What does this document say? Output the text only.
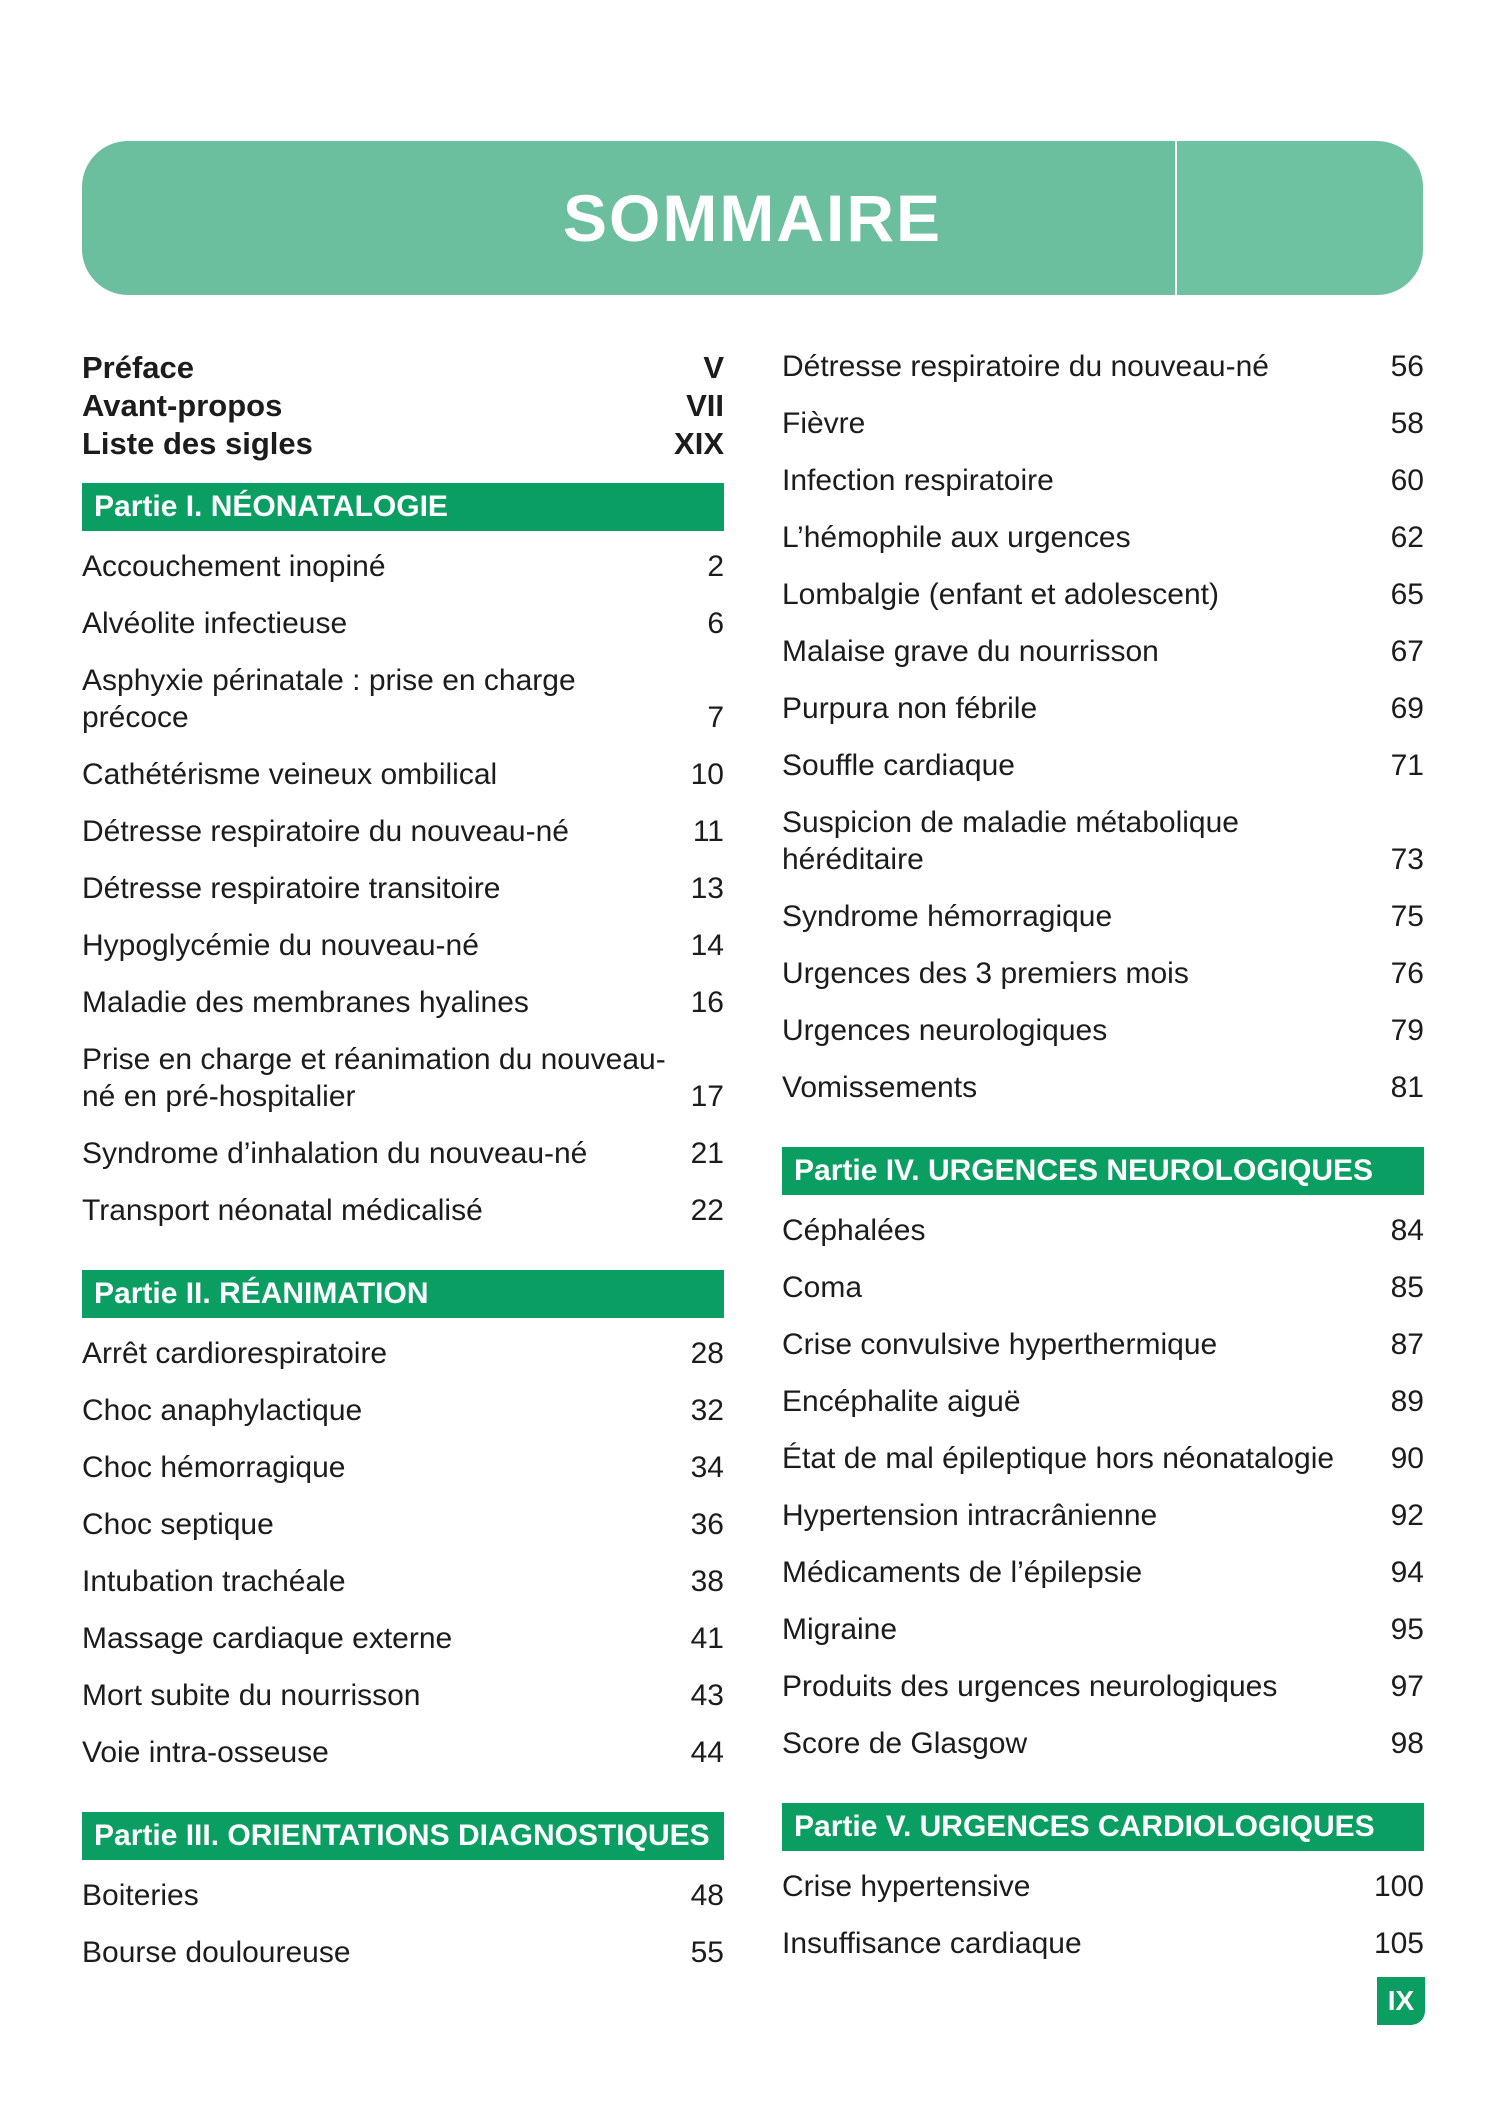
SOMMAIRE
Préface	V
Avant-propos	VII
Liste des sigles	XIX
Partie I. NÉONATALOGIE
Accouchement inopiné	2
Alvéolite infectieuse	6
Asphyxie périnatale : prise en charge précoce	7
Cathétérisme veineux ombilical	10
Détresse respiratoire du nouveau-né	11
Détresse respiratoire transitoire	13
Hypoglycémie du nouveau-né	14
Maladie des membranes hyalines	16
Prise en charge et réanimation du nouveau-né en pré-hospitalier	17
Syndrome d’inhalation du nouveau-né	21
Transport néonatal médicalisé	22
Partie II. RÉANIMATION
Arrêt cardiorespiratoire	28
Choc anaphylactique	32
Choc hémorragique	34
Choc septique	36
Intubation trachéale	38
Massage cardiaque externe	41
Mort subite du nourrisson	43
Voie intra-osseuse	44
Partie III. ORIENTATIONS DIAGNOSTIQUES
Boiteries	48
Bourse douloureuse	55
Détresse respiratoire du nouveau-né	56
Fièvre	58
Infection respiratoire	60
L’hémophile aux urgences	62
Lombalgie (enfant et adolescent)	65
Malaise grave du nourrisson	67
Purpura non fébrile	69
Souffle cardiaque	71
Suspicion de maladie métabolique héréditaire	73
Syndrome hémorragique	75
Urgences des 3 premiers mois	76
Urgences neurologiques	79
Vomissements	81
Partie IV. URGENCES NEUROLOGIQUES
Céphalées	84
Coma	85
Crise convulsive hyperthermique	87
Encéphalite aiguë	89
État de mal épileptique hors néonatalogie	90
Hypertension intracrânienne	92
Médicaments de l’épilepsie	94
Migraine	95
Produits des urgences neurologiques	97
Score de Glasgow	98
Partie V. URGENCES CARDIOLOGIQUES
Crise hypertensive	100
Insuffisance cardiaque	105
IX
